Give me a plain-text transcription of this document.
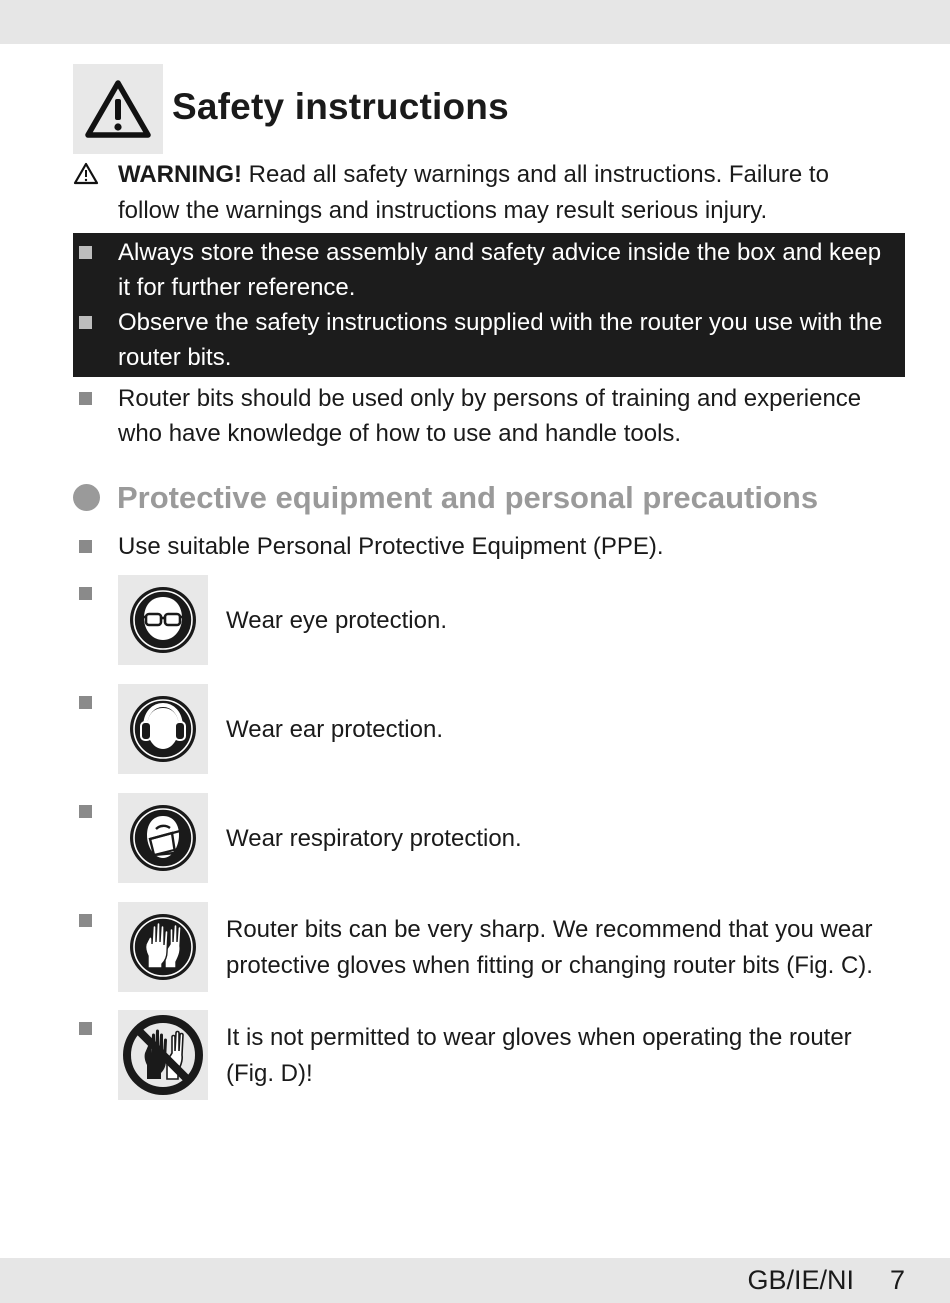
Safety instructions
WARNING! Read all safety warnings and all instructions. Failure to follow the warnings and instructions may result serious injury.
Always store these assembly and safety advice inside the box and keep it for further reference.
Observe the safety instructions supplied with the router you use with the router bits.
Router bits should be used only by persons of training and experience who have knowledge of how to use and handle tools.
Protective equipment and personal precautions
Use suitable Personal Protective Equipment (PPE).
Wear eye protection.
Wear ear protection.
Wear respiratory protection.
Router bits can be very sharp. We recommend that you wear protective gloves when fitting or changing router bits (Fig. C).
It is not permitted to wear gloves when operating the router (Fig. D)!
GB/IE/NI 7
